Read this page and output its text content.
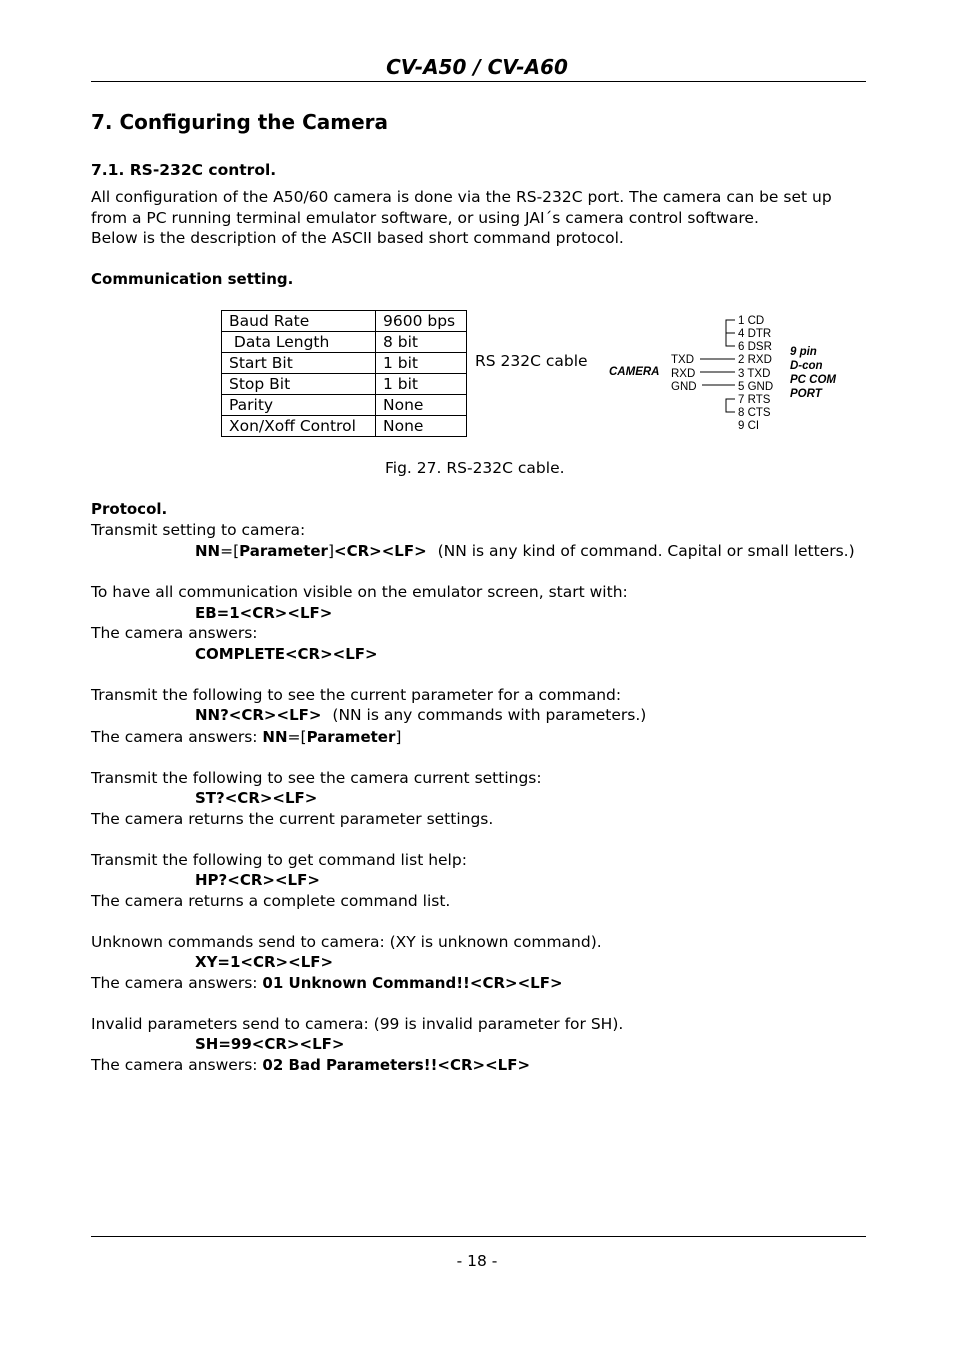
CV-A50 / CV-A60
7. Configuring the Camera
7.1. RS-232C control.
All configuration of the A50/60 camera is done via the RS-232C port. The camera can be set up
from a PC running terminal emulator software, or using JAI´s camera control software.
Below is the description of the ASCII based short command protocol.
Communication setting.
Baud Rate	9600 bps
Data Length	8 bit
Start Bit	1 bit
Stop Bit	1 bit
Parity	None
Xon/Xoff Control	None
RS 232C cable
CAMERA
TXD
RXD
GND
1 CD
4 DTR
6 DSR
2 RXD
3 TXD
5 GND
7 RTS
8 CTS
9 CI
9 pin
D-con
PC COM
PORT
Fig. 27. RS-232C cable.
Protocol.
Transmit setting to camera:
NN=[Parameter]<CR><LF> (NN is any kind of command. Capital or small letters.)
To have all communication visible on the emulator screen, start with:
EB=1<CR><LF>
The camera answers:
COMPLETE<CR><LF>
Transmit the following to see the current parameter for a command:
NN?<CR><LF> (NN is any commands with parameters.)
The camera answers: NN=[Parameter]
Transmit the following to see the camera current settings:
ST?<CR><LF>
The camera returns the current parameter settings.
Transmit the following to get command list help:
HP?<CR><LF>
The camera returns a complete command list.
Unknown commands send to camera: (XY is unknown command).
XY=1<CR><LF>
The camera answers: 01 Unknown Command!!<CR><LF>
Invalid parameters send to camera: (99 is invalid parameter for SH).
SH=99<CR><LF>
The camera answers: 02 Bad Parameters!!<CR><LF>
- 18 -
